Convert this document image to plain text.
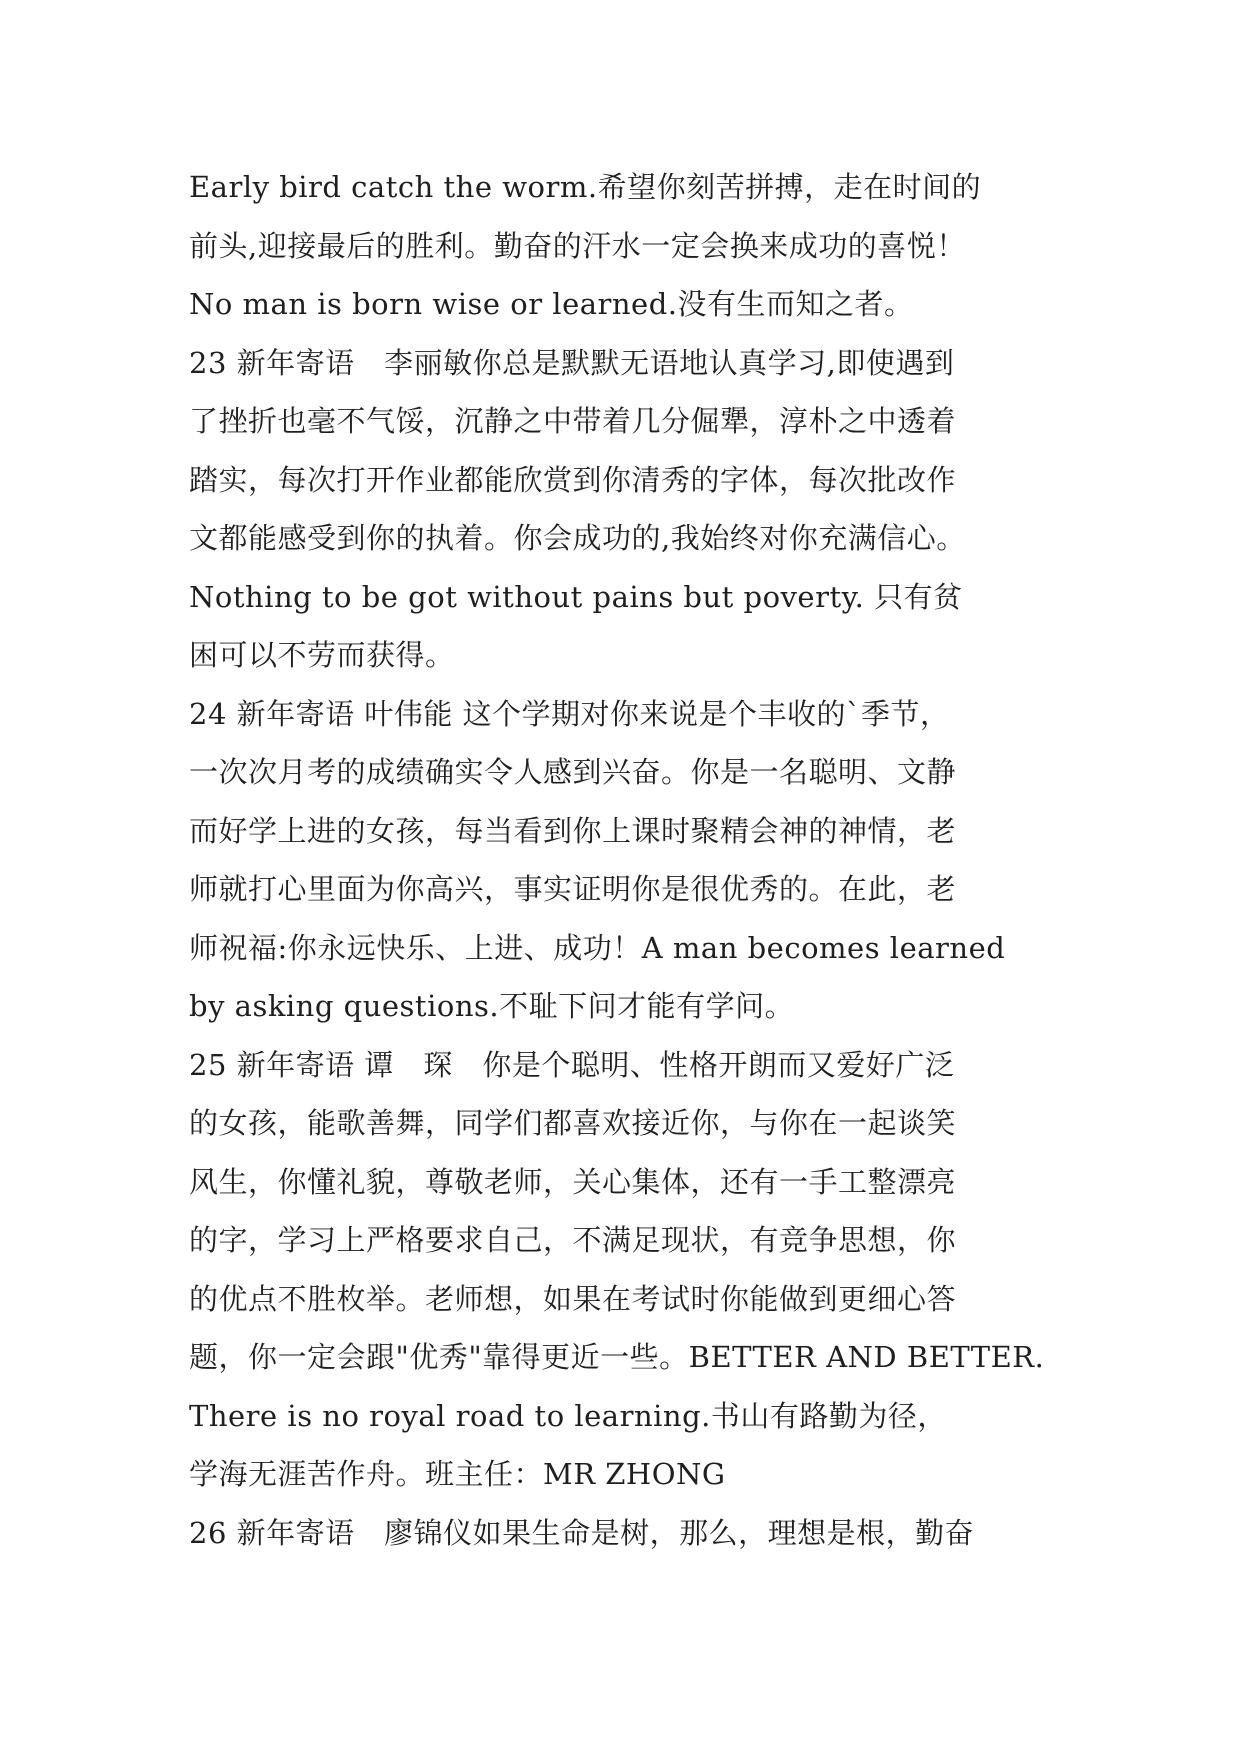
Early bird catch the worm.希望你刻苦拼搏，走在时间的
前头,迎接最后的胜利。勤奋的汗水一定会换来成功的喜悦！
No man is born wise or learned.没有生而知之者。
23 新年寄语　李丽敏你总是默默无语地认真学习,即使遇到
了挫折也毫不气馁，沉静之中带着几分倔犟，淳朴之中透着
踏实，每次打开作业都能欣赏到你清秀的字体，每次批改作
文都能感受到你的执着。你会成功的,我始终对你充满信心。
Nothing to be got without pains but poverty. 只有贫
困可以不劳而获得。
24 新年寄语 叶伟能 这个学期对你来说是个丰收的`季节，
一次次月考的成绩确实令人感到兴奋。你是一名聪明、文静
而好学上进的女孩，每当看到你上课时聚精会神的神情，老
师就打心里面为你高兴，事实证明你是很优秀的。在此，老
师祝福:你永远快乐、上进、成功！A man becomes learned
by asking questions.不耻下问才能有学问。
25 新年寄语 谭　琛　你是个聪明、性格开朗而又爱好广泛
的女孩，能歌善舞，同学们都喜欢接近你，与你在一起谈笑
风生，你懂礼貌，尊敬老师，关心集体，还有一手工整漂亮
的字，学习上严格要求自己，不满足现状，有竞争思想，你
的优点不胜枚举。老师想，如果在考试时你能做到更细心答
题，你一定会跟"优秀"靠得更近一些。BETTER AND BETTER.
There is no royal road to learning.书山有路勤为径，
学海无涯苦作舟。班主任：MR ZHONG
26 新年寄语　廖锦仪如果生命是树，那么，理想是根，勤奋
